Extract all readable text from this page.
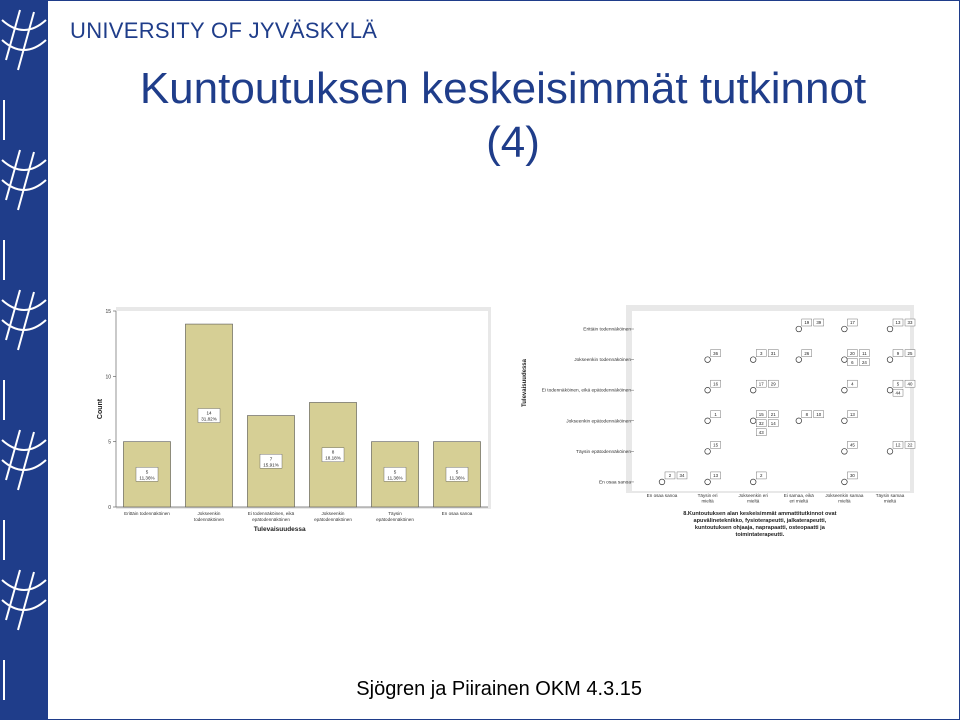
UNIVERSITY OF JYVÄSKYLÄ
Kuntoutuksen keskeisimmät tutkinnot
(4)
0
5
10
15
5
11,36%
Erittäin todennäköinen
14
31,82%
Jokseenkin
todennäköinen
7
15,91%
Ei todennäköinen, eikä
epätodennäköinen
8
18,18%
Jokseenkin
epätodennäköinen
5
11,36%
Täysin
epätodennäköinen
5
11,36%
En osaa sanoa
Count
Tulevaisuudessa
Erittäin todennäköinen
Jokseenkin todennäköinen
Ei todennäköinen, eikä epätodennäköinen
Jokseenkin epätodennäköinen
Täysin epätodennäköinen
En osaa sanoa
En osaa sanoa	Täysin eri
mieltä
Jokseenkin eri
mieltä
Ei samaa, eikä
eri mieltä
Jokseenkin samaa
mieltä
Täysin samaa
mieltä
19 39	17	13 33
36	3 31	26	20 11
6 24
9 25
16	17 29	4	5 40
44
1	15 21
32 14
43
8 10	13
15	45	12 22
2 34	13	2	30
Tulevaisuudessa
8.Kuntoutuksen alan keskeisimmät ammattitutkinnot ovat
apuvälineteknikko, fysioterapeutti, jalkaterapeutti,
kuntoutuksen ohjaaja, naprapaatti, osteopaatti ja
toimintaterapeutti.
Sjögren ja Piirainen OKM 4.3.15
